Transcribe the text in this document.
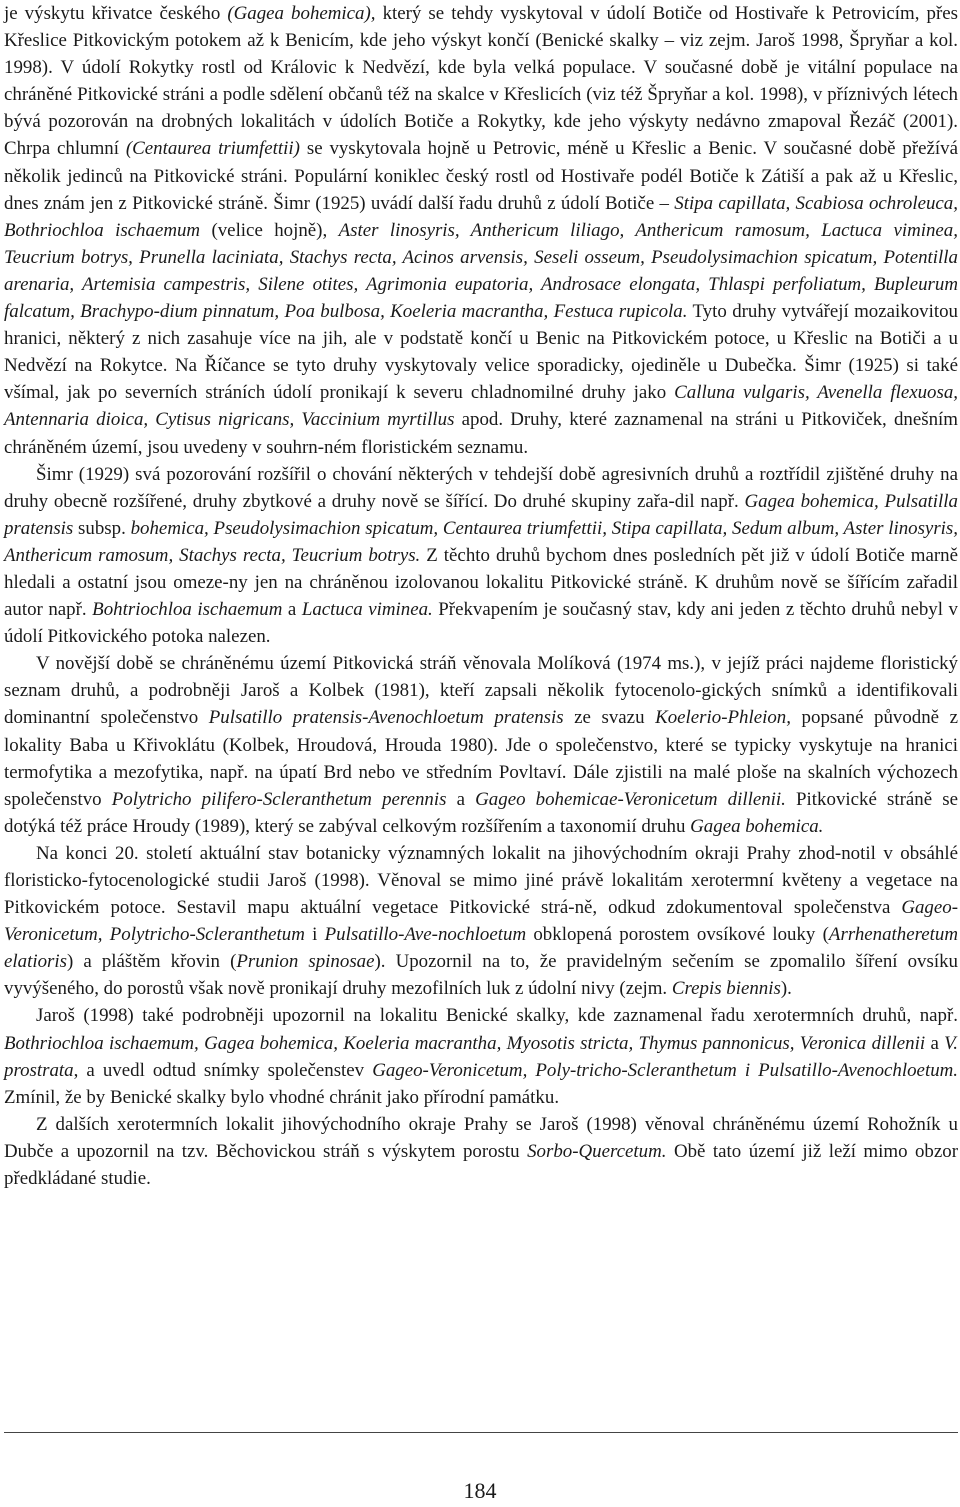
je výskytu křivatce českého (Gagea bohemica), který se tehdy vyskytoval v údolí Botiče od Hostivaře k Petrovicím, přes Křeslice Pitkovickým potokem až k Benicím, kde jeho výskyt končí (Benické skalky – viz zejm. Jaroš 1998, Špryňar a kol. 1998). V údolí Rokytky rostl od Královic k Nedvězí, kde byla velká populace. V současné době je vitální populace na chráněné Pitkovické stráni a podle sdělení občanů též na skalce v Křeslicích (viz též Špryňar a kol. 1998), v příznivých létech bývá pozorován na drobných lokalitách v údolích Botiče a Rokytky, kde jeho výskyty nedávno zmapoval Řezáč (2001). Chrpa chlumní (Centaurea triumfettii) se vyskytovala hojně u Petrovic, méně u Křeslic a Benic. V současné době přežívá několik jedinců na Pitkovické stráni. Populární koniklec český rostl od Hostivaře podél Botiče k Zátiší a pak až u Křeslic, dnes znám jen z Pitkovické stráně. Šimr (1925) uvádí další řadu druhů z údolí Botiče – Stipa capillata, Scabiosa ochroleuca, Bothriochloa ischaemum (velice hojně), Aster linosyris, Anthericum liliago, Anthericum ramosum, Lactuca viminea, Teucrium botrys, Prunella laciniata, Stachys recta, Acinos arvensis, Seseli osseum, Pseudolysimachion spicatum, Potentilla arenaria, Artemisia campestris, Silene otites, Agrimonia eupatoria, Androsace elongata, Thlaspi perfoliatum, Bupleurum falcatum, Brachypo-dium pinnatum, Poa bulbosa, Koeleria macrantha, Festuca rupicola. Tyto druhy vytvářejí mozaikovitou hranici, některý z nich zasahuje více na jih, ale v podstatě končí u Benic na Pitkovickém potoce, u Křeslic na Botiči a u Nedvězí na Rokytce. Na Říčance se tyto druhy vyskytovaly velice sporadicky, ojediněle u Dubečka. Šimr (1925) si také všímal, jak po severních stráních údolí pronikají k severu chladnomilné druhy jako Calluna vulgaris, Avenella flexuosa, Antennaria dioica, Cytisus nigricans, Vaccinium myrtillus apod. Druhy, které zaznamenal na stráni u Pitkoviček, dnešním chráněném území, jsou uvedeny v souhrn-ném floristickém seznamu.

Šimr (1929) svá pozorování rozšířil o chování některých v tehdejší době agresivních druhů a roztřídil zjištěné druhy na druhy obecně rozšířené, druhy zbytkové a druhy nově se šířící. Do druhé skupiny zařa-dil např. Gagea bohemica, Pulsatilla pratensis subsp. bohemica, Pseudolysimachion spicatum, Centaurea triumfettii, Stipa capillata, Sedum album, Aster linosyris, Anthericum ramosum, Stachys recta, Teucrium botrys. Z těchto druhů bychom dnes posledních pět již v údolí Botiče marně hledali a ostatní jsou omeze-ny jen na chráněnou izolovanou lokalitu Pitkovické stráně. K druhům nově se šířícím zařadil autor např. Bohtriochloa ischaemum a Lactuca viminea. Překvapením je současný stav, kdy ani jeden z těchto druhů nebyl v údolí Pitkovického potoka nalezen.

V novější době se chráněnému území Pitkovická stráň věnovala Molíková (1974 ms.), v jejíž práci najdeme floristický seznam druhů, a podrobněji Jaroš a Kolbek (1981), kteří zapsali několik fytocenolo-gických snímků a identifikovali dominantní společenstvo Pulsatillo pratensis-Avenochloetum pratensis ze svazu Koelerio-Phleion, popsané původně z lokality Baba u Křivoklátu (Kolbek, Hroudová, Hrouda 1980). Jde o společenstvo, které se typicky vyskytuje na hranici termofytika a mezofytika, např. na úpatí Brd nebo ve středním Povltaví. Dále zjistili na malé ploše na skalních výchozech společenstvo Polytricho pilifero-Scleranthetum perennis a Gageo bohemicae-Veronicetum dillenii. Pitkovické stráně se dotýká též práce Hroudy (1989), který se zabýval celkovým rozšířením a taxonomií druhu Gagea bohemica.

Na konci 20. století aktuální stav botanicky významných lokalit na jihovýchodním okraji Prahy zhod-notil v obsáhlé floristicko-fytocenologické studii Jaroš (1998). Věnoval se mimo jiné právě lokalitám xerotermní květeny a vegetace na Pitkovickém potoce. Sestavil mapu aktuální vegetace Pitkovické strá-ně, odkud zdokumentoval společenstva Gageo-Veronicetum, Polytricho-Scleranthetum i Pulsatillo-Ave-nochloetum obklopená porostem ovsíkové louky (Arrhenatheretum elatioris) a pláštěm křovin (Prunion spinosae). Upozornil na to, že pravidelným sečením se zpomalilo šíření ovsíku vyvýšeného, do porostů však nově pronikají druhy mezofilních luk z údolní nivy (zejm. Crepis biennis).

Jaroš (1998) také podrobněji upozornil na lokalitu Benické skalky, kde zaznamenal řadu xerotermních druhů, např. Bothriochloa ischaemum, Gagea bohemica, Koeleria macrantha, Myosotis stricta, Thymus pannonicus, Veronica dillenii a V. prostrata, a uvedl odtud snímky společenstev Gageo-Veronicetum, Poly-tricho-Scleranthetum i Pulsatillo-Avenochloetum. Zmínil, že by Benické skalky bylo vhodné chránit jako přírodní památku.

Z dalších xerotermních lokalit jihovýchodního okraje Prahy se Jaroš (1998) věnoval chráněnému území Rohožník u Dubče a upozornil na tzv. Běchovickou stráň s výskytem porostu Sorbo-Quercetum. Obě tato území již leží mimo obzor předkládané studie.

184
